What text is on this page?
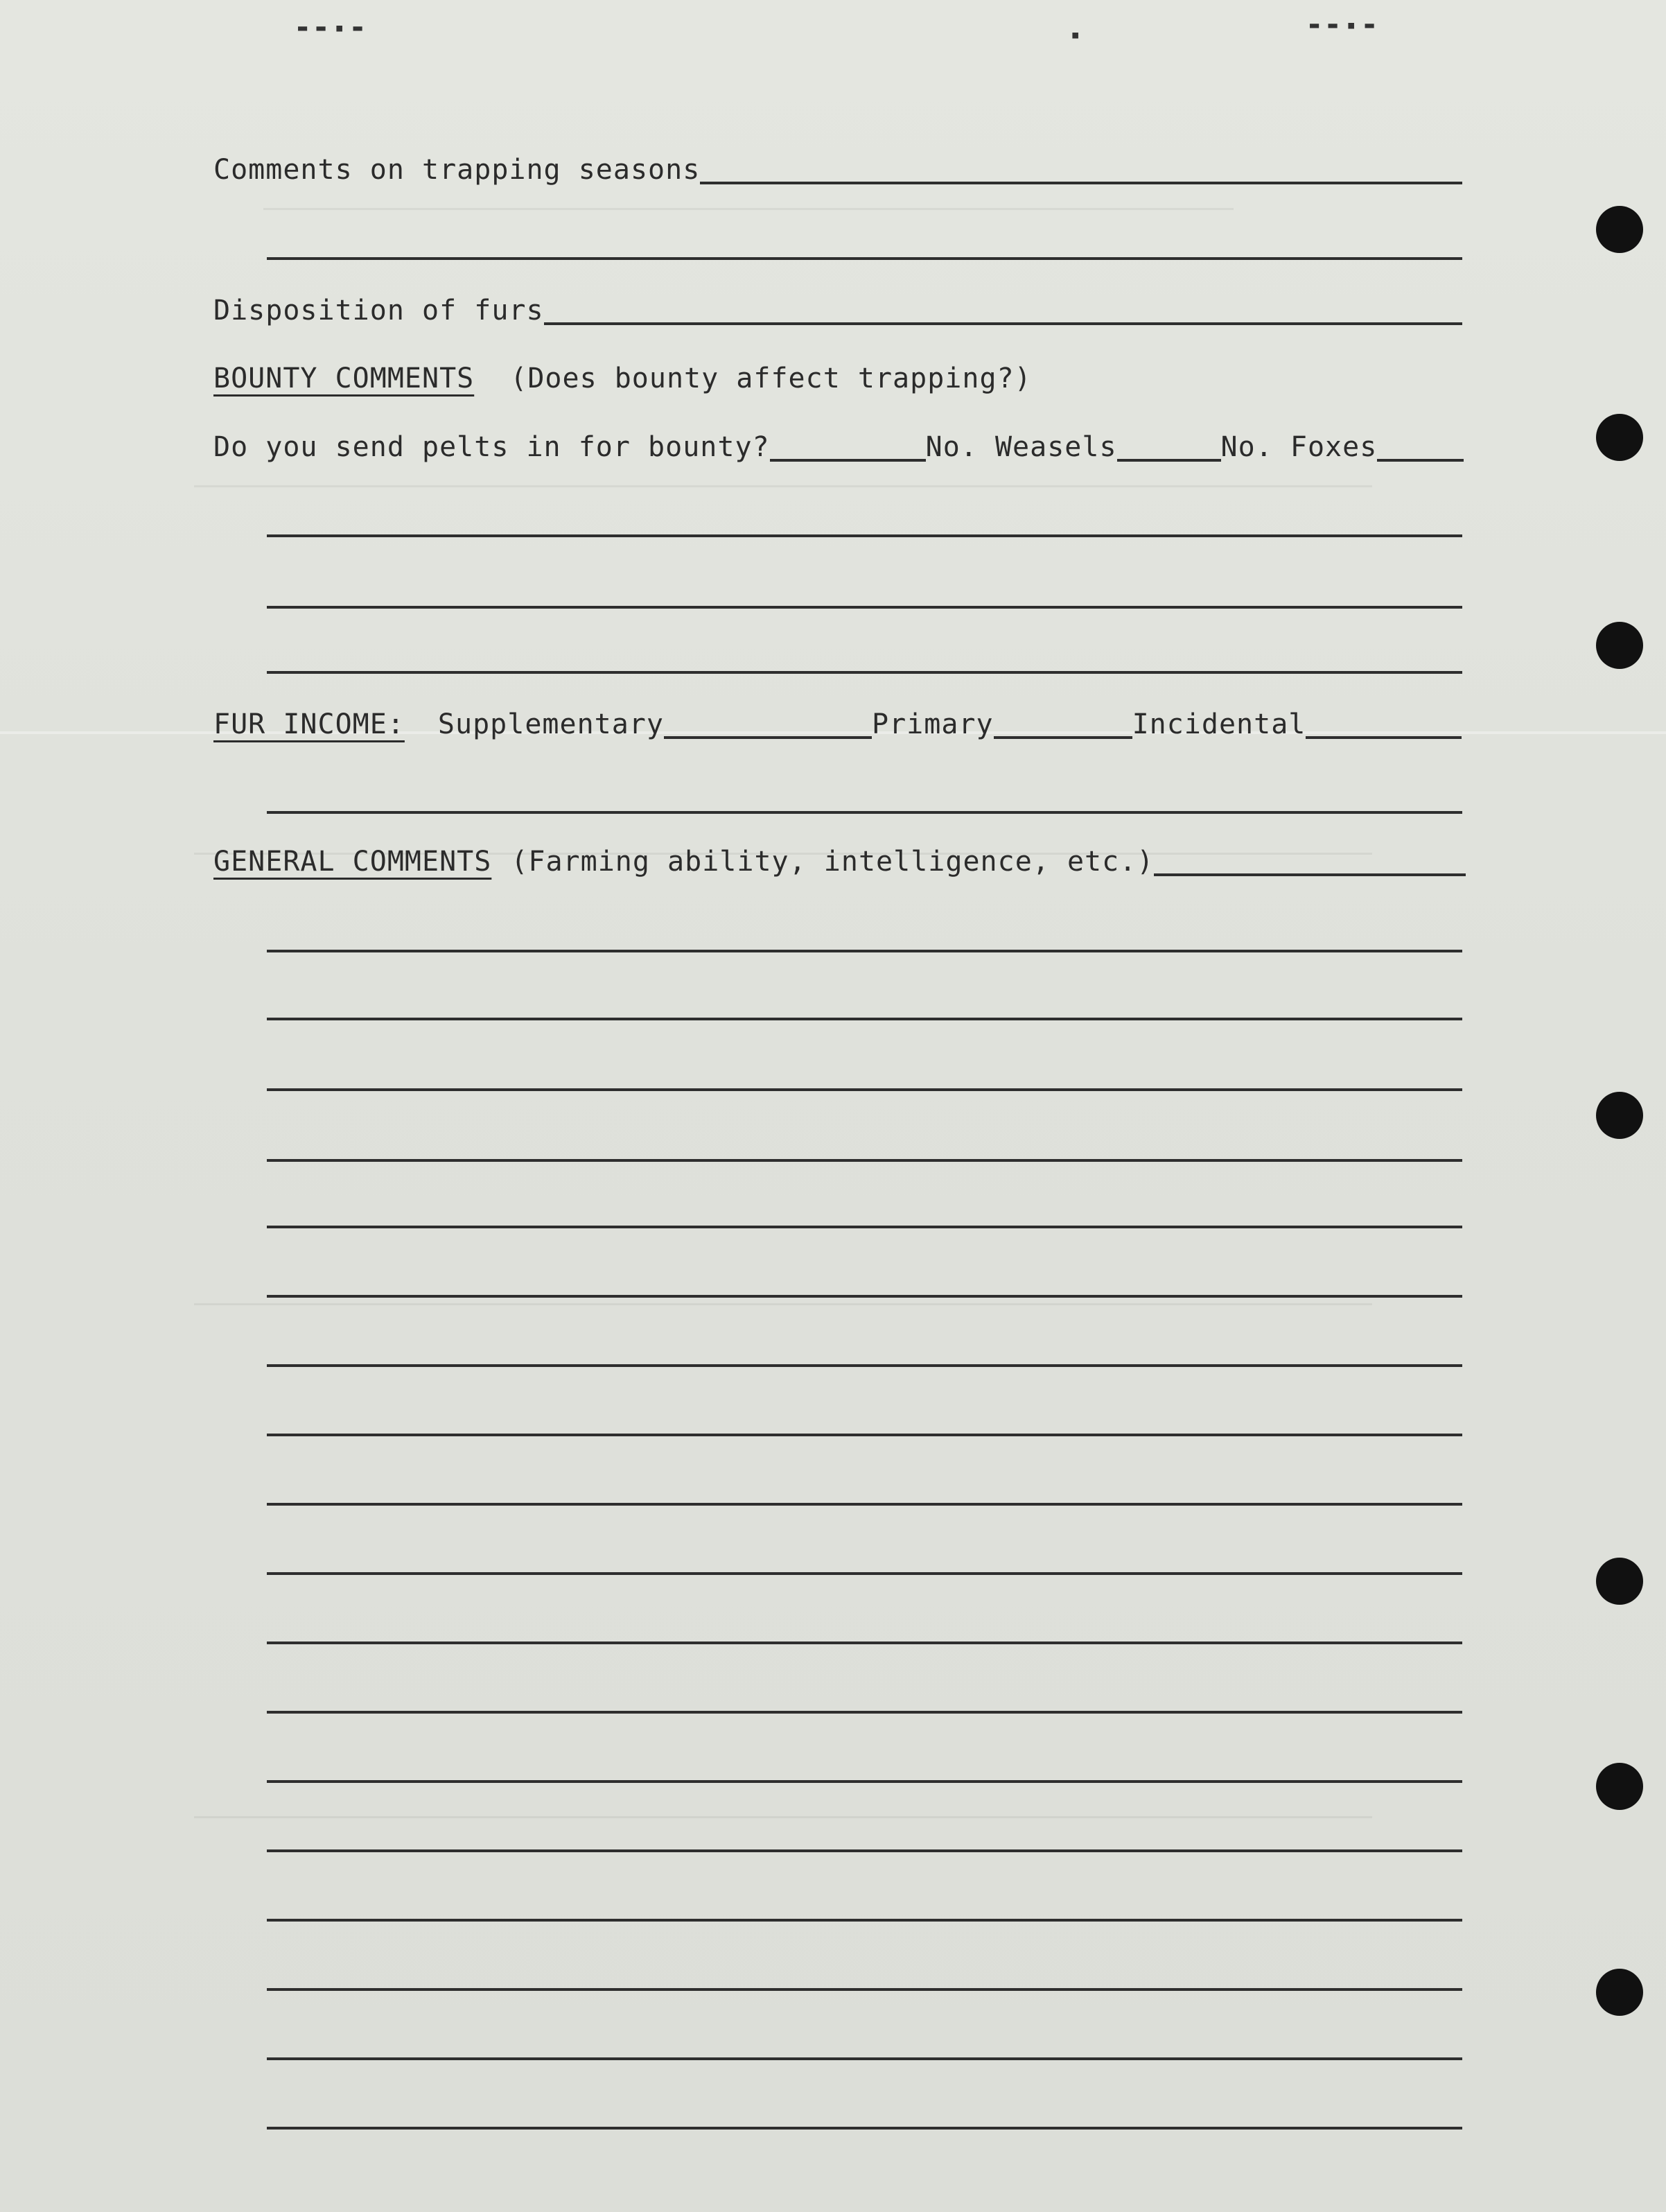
▬ ▬ ▪ ▬	▪
▬ ▬ ▪ ▬
Comments on trapping seasons
Disposition of furs
BOUNTY COMMENTS (Does bounty affect trapping?)
Do you send pelts in for bounty?	No. Weasels	No. Foxes
FUR INCOME: Supplementary	Primary	Incidental
GENERAL COMMENTS (Farming ability, intelligence, etc.)
